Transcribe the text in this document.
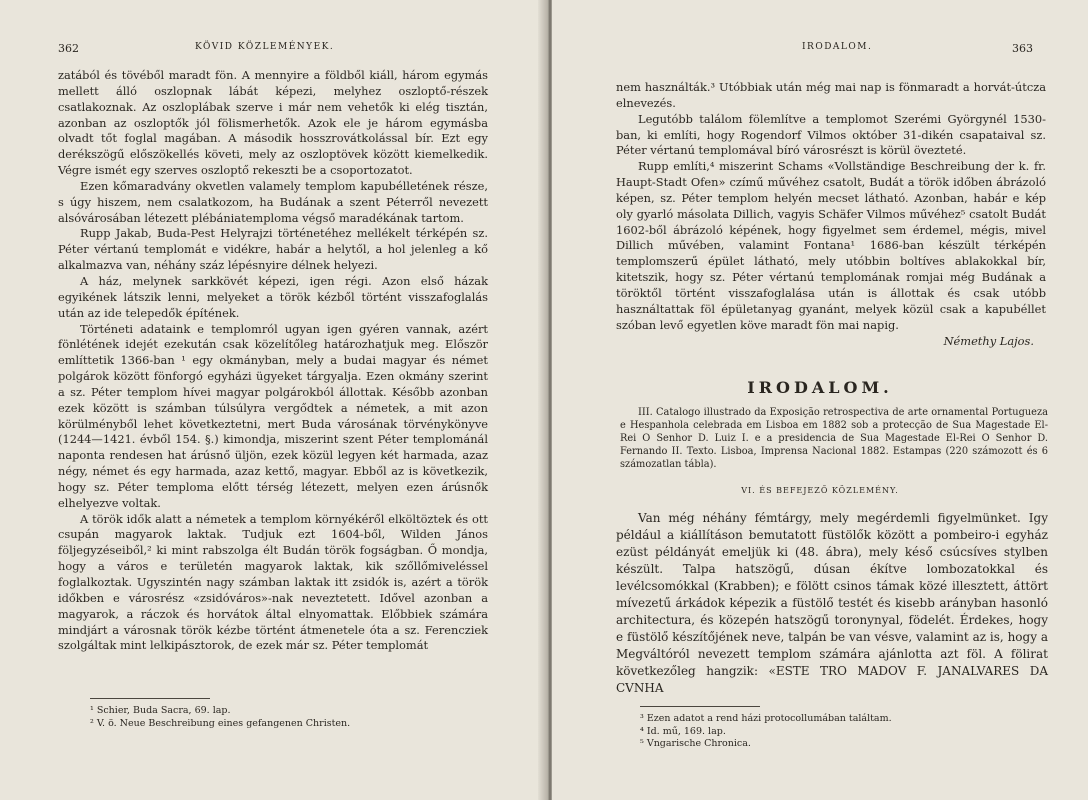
362	KÖVID KÖZLEMÉNYEK.

zatából és tövéből maradt fön. A mennyire a földből kiáll, három egymás mellett álló oszlopnak lábát képezi, melyhez oszloptő-részek csatlakoznak. Az oszloplábak szerve i már nem vehetők ki elég tisztán, azonban az oszloptők jól fölismerhetők. Azok ele je három egymásba olvadt tőt foglal magában. A második hosszrovátkolással bír. Ezt egy derékszögű előszökellés követi, mely az oszloptövek között kiemelkedik. Végre ismét egy szerves oszloptő rekeszti be a csoportozatot.

Ezen kőmaradvány okvetlen valamely templom kapubélletének része, s úgy hiszem, nem csalatkozom, ha Budának a szent Péterről nevezett alsóvárosában létezett plébániatemploma végső maradékának tartom.

Rupp Jakab, Buda-Pest Helyrajzi történetéhez mellékelt térképén sz. Péter vértanú templomát e vidékre, habár a helytől, a hol jelenleg a kő alkalmazva van, néhány száz lépésnyire délnek helyezi.

A ház, melynek sarkkövét képezi, igen régi. Azon első házak egyikének látszik lenni, melyeket a török kézből történt visszafoglalás után az ide telepedők építének.

Történeti adataink e templomról ugyan igen gyéren vannak, azért fönlétének idejét ezekután csak közelítőleg határozhatjuk meg. Először említtetik 1366-ban ¹ egy okmányban, mely a budai magyar és német polgárok között fönforgó egyházi ügyeket tárgyalja. Ezen okmány szerint a sz. Péter templom hívei magyar polgárokból állottak. Később azonban ezek között is számban túlsúlyra vergődtek a németek, a mit azon körülményből lehet következtetni, mert Buda városának törvénykönyve (1244—1421. évből 154. §.) kimondja, miszerint szent Péter templománál naponta rendesen hat árúsnő üljön, ezek közül legyen két harmada, azaz négy, német és egy harmada, azaz kettő, magyar. Ebből az is következik, hogy sz. Péter temploma előtt térség létezett, melyen ezen árúsnők elhelyezve voltak.

A török idők alatt a németek a templom környékéről elköltöztek és ott csupán magyarok laktak. Tudjuk ezt 1604-ből, Wilden János följegyzéseiből,² ki mint rabszolga élt Budán török fogságban. Ő mondja, hogy a város e területén magyarok laktak, kik szőllőmiveléssel foglalkoztak. Ugyszintén nagy számban laktak itt zsidók is, azért a török időkben e városrész «zsidóváros»-nak neveztetett. Idővel azonban a magyarok, a ráczok és horvátok által elnyomattak. Előbbiek számára mindjárt a városnak török kézbe történt átmenetele óta a sz. Ferencziek szolgáltak mint lelkipásztorok, de ezek már sz. Péter templomát

¹ Schier, Buda Sacra, 69. lap.
² V. ö. Neue Beschreibung eines gefangenen Christen.
IRODALOM.	363

nem használták.³ Utóbbiak után még mai nap is fönmaradt a horvát-útcza elnevezés.

Legutóbb találom fölemlítve a templomot Szerémi Györgynél 1530-ban, ki említi, hogy Rogendorf Vilmos október 31-dikén csapataival sz. Péter vértanú templomával bíró városrészt is körül övezteté.

Rupp említi,⁴ miszerint Schams «Vollständige Beschreibung der k. fr. Haupt-Stadt Ofen» czímű művéhez csatolt, Budát a török időben ábrázoló képen, sz. Péter templom helyén mecset látható. Azonban, habár e kép oly gyarló másolata Dillich, vagyis Schäfer Vilmos művéhez⁵ csatolt Budát 1602-ből ábrázoló képének, hogy figyelmet sem érdemel, mégis, mivel Dillich művében, valamint Fontana¹ 1686-ban készült térképén templomszerű épület látható, mely utóbbin boltíves ablakokkal bír, kitetszik, hogy sz. Péter vértanú templomának romjai még Budának a töröktől történt visszafoglalása után is állottak és csak utóbb használtattak föl épületanyag gyanánt, melyek közül csak a kapubéllet szóban levő egyetlen köve maradt fön mai napig.

Némethy Lajos.
IRODALOM.

III. Catalogo illustrado da Exposição retrospectiva de arte ornamental Portugueza e Hespanhola celebrada em Lisboa em 1882 sob a protecção de Sua Magestade El-Rei O Senhor D. Luiz I. e a presidencia de Sua Magestade El-Rei O Senhor D. Fernando II. Texto. Lisboa, Imprensa Nacional 1882. Estampas (220 számozott és 6 számozatlan tábla).

VI. ÉS BEFEJEZŐ KÖZLEMÉNY.

Van még néhány fémtárgy, mely megérdemli figyelmünket. Igy például a kiállításon bemutatott füstölők között a pombeiro-i egyház ezüst példányát emeljük ki (48. ábra), mely késő csúcsíves stylben készült. Talpa hatszögű, dúsan ékítve lombozatokkal és levélcsomókkal (Krabben); e fölött csinos támak közé illesztett, áttört mívezetű árkádok képezik a füstölő testét és kisebb arányban hasonló architectura, és közepén hatszögű toronynyal, födelét. Érdekes, hogy e füstölő készítőjének neve, talpán be van vésve, valamint az is, hogy a Megváltóról nevezett templom számára ajánlotta azt föl. A fölirat következőleg hangzik: «ESTE TRO MADOV F. JANALVARES DA CVNHA

³ Ezen adatot a rend házi protocollumában találtam.
⁴ Id. mű, 169. lap.
⁵ Vngarische Chronica.
